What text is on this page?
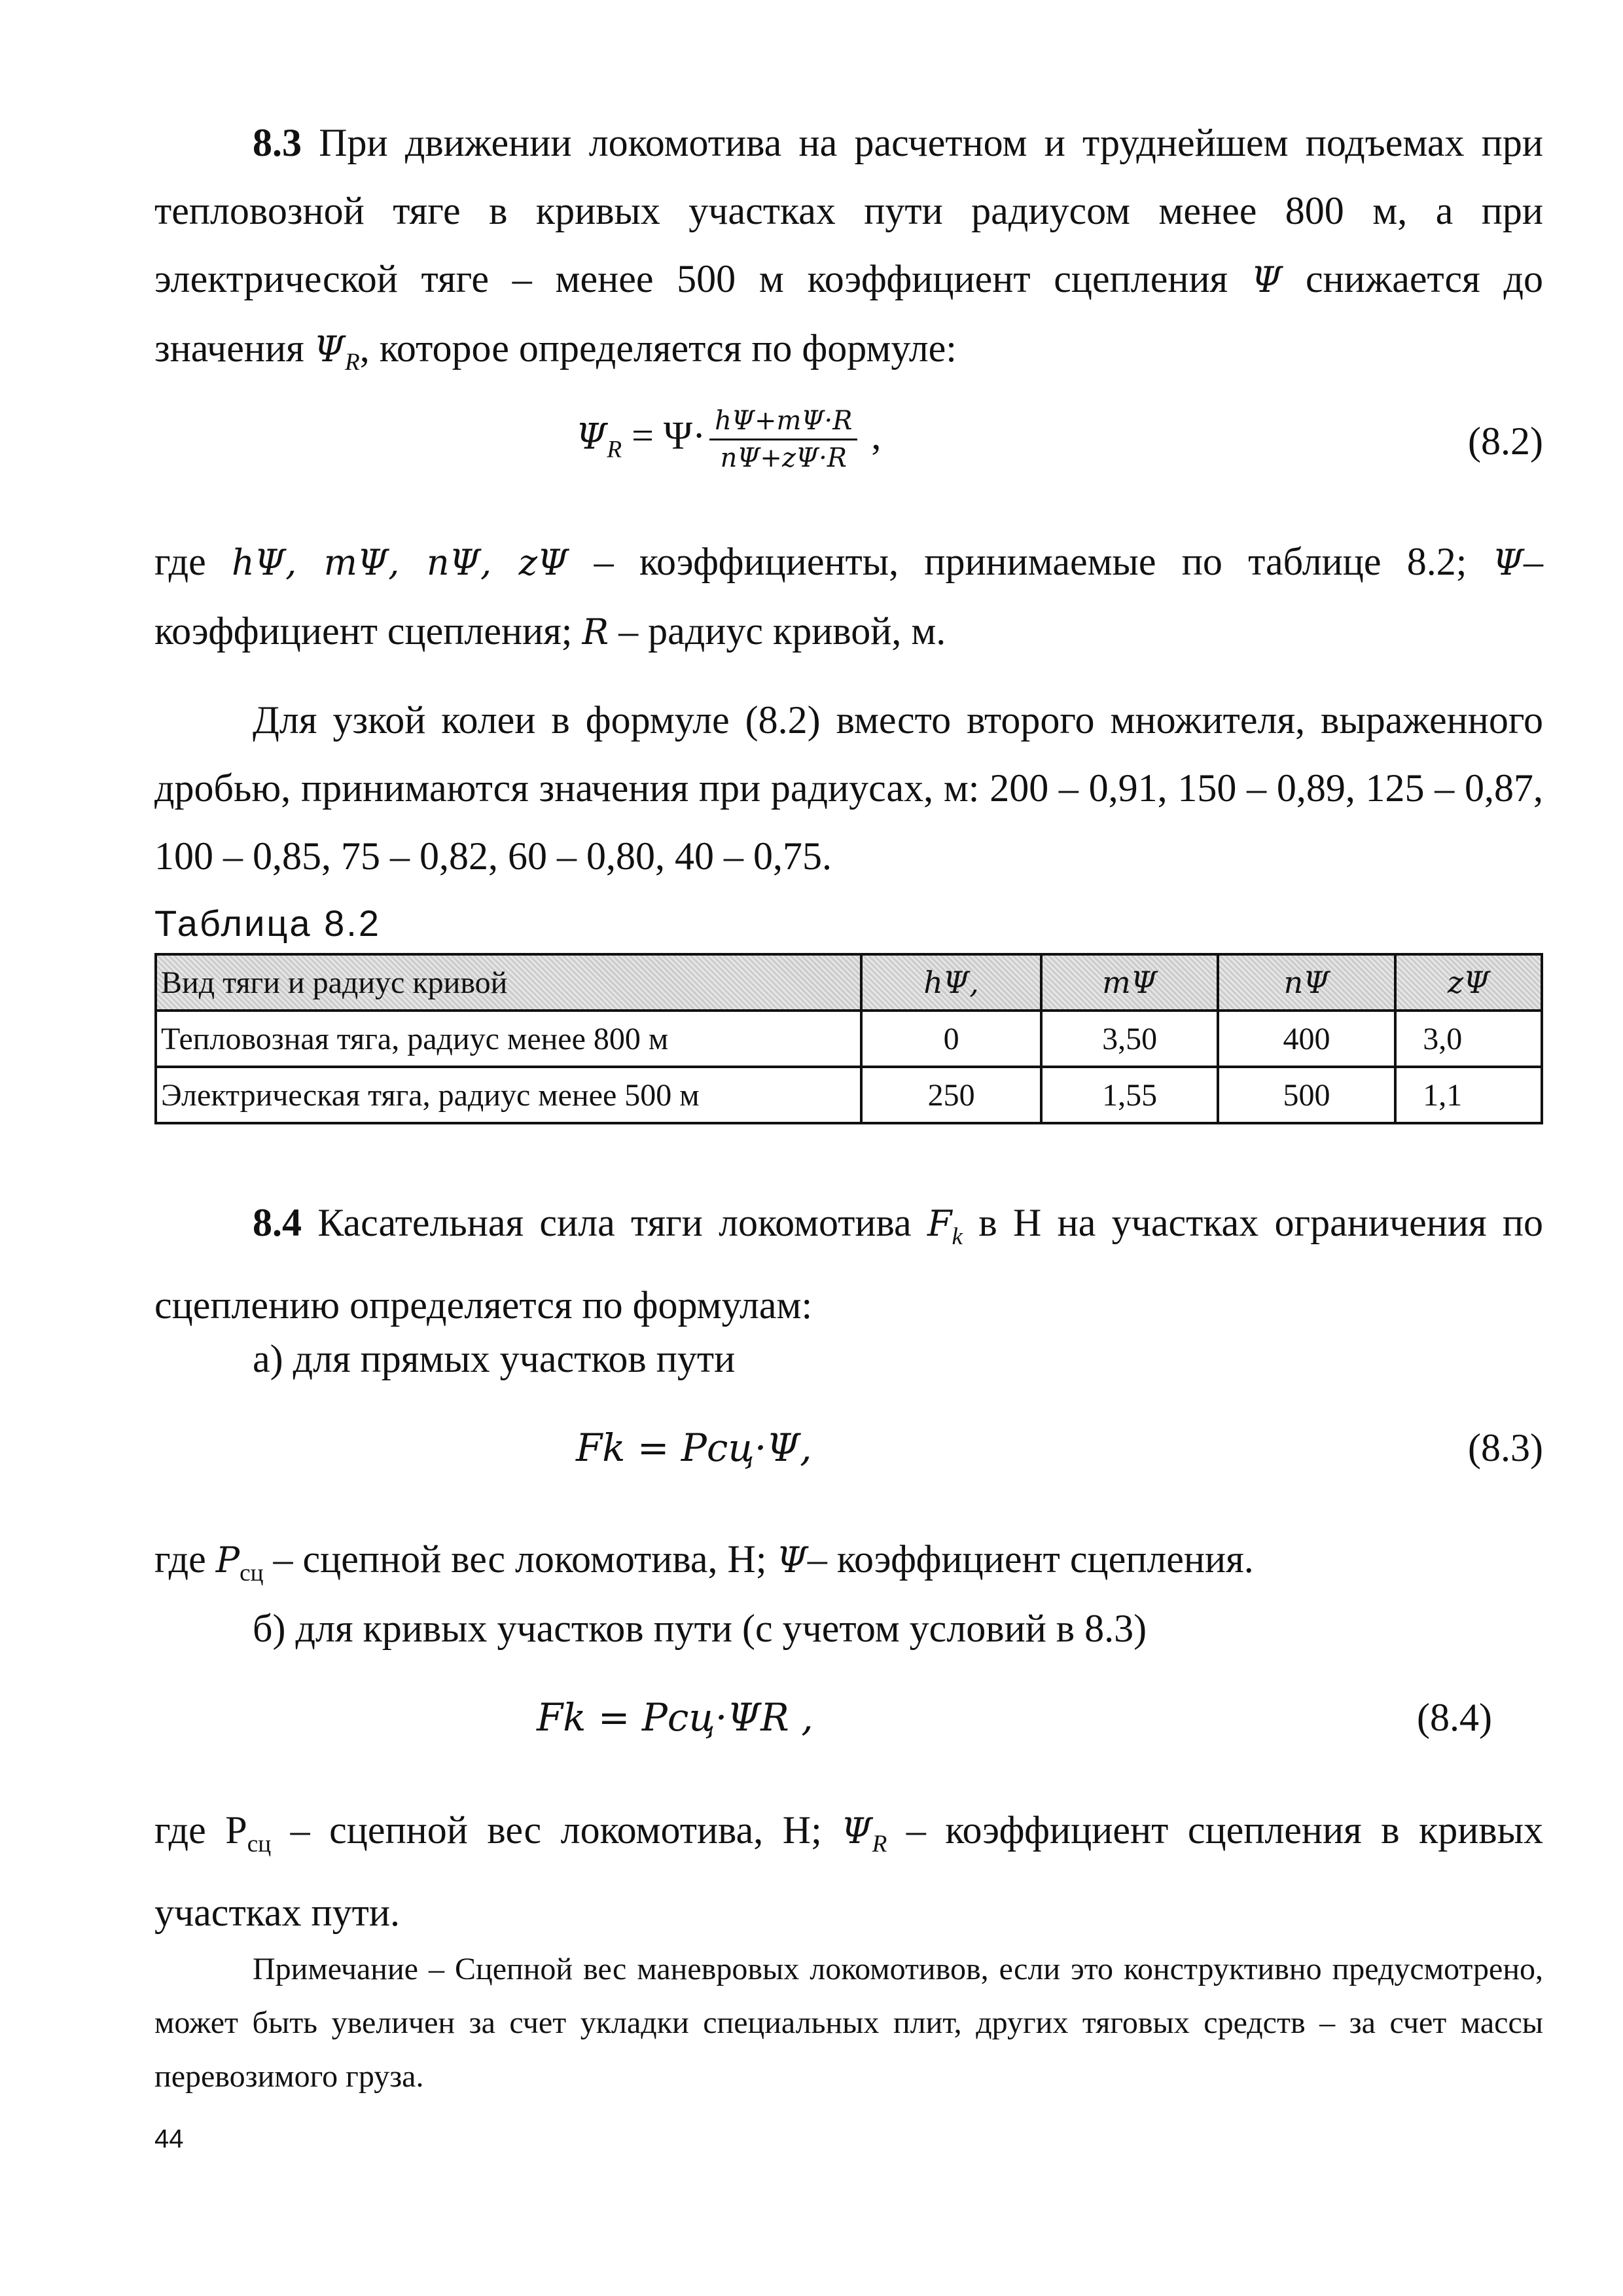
8.3 При движении локомотива на расчетном и труднейшем подъемах при тепловозной тяге в кривых участках пути радиусом менее 800 м, а при электрической тяге – менее 500 м коэффициент сцепления Ψ снижается до значения $\Psi_R$, которое определяется по формуле:
$\Psi_R = \Psi\cdot \frac{h\Psi+m\Psi\cdot R}{n\Psi+z\Psi\cdot R}$ ,	(8.2)
где hΨ, mΨ, nΨ, zΨ – коэффициенты, принимаемые по таблице 8.2; Ψ– коэффициент сцепления; R – радиус кривой, м.
Для узкой колеи в формуле (8.2) вместо второго множителя, выраженного дробью, принимаются значения при радиусах, м: 200 – 0,91, 150 – 0,89, 125 – 0,87, 100 – 0,85, 75 – 0,82, 60 – 0,80, 40 – 0,75.
Таблица 8.2
Вид тяги и радиус кривой	hΨ,	mΨ	nΨ	zΨ
Тепловозная тяга, радиус менее 800 м	0	3,50	400	3,0
Электрическая тяга, радиус менее 500 м	250	1,55	500	1,1
8.4 Касательная сила тяги локомотива $F_k$ в Н на участках ограничения по сцеплению определяется по формулам:
а) для прямых участков пути
Fk = Pсц·Ψ,	(8.3)
где $P_{сц}$ – сцепной вес локомотива, Н; Ψ– коэффициент сцепления.
б) для кривых участков пути (с учетом условий в 8.3)
Fk = Pсц·ΨR ,	(8.4)
где $Р_{сц}$ – сцепной вес локомотива, Н; $\Psi_R$ – коэффициент сцепления в кривых участках пути.
Примечание – Сцепной вес маневровых локомотивов, если это конструктивно предусмотрено, может быть увеличен за счет укладки специальных плит, других тяговых средств – за счет массы перевозимого груза.
44
